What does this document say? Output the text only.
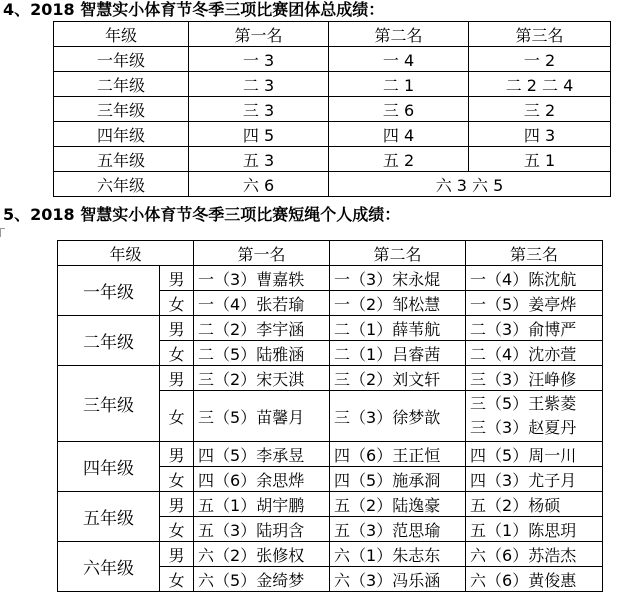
4、2018 智慧实小体育节冬季三项比赛团体总成绩：

年级	第一名	第二名	第三名
一年级	一 3	一 4	一 2
二年级	二 3	二 1	二 2 二 4
三年级	三 3	三 6	三 2
四年级	四 5	四 4	四 3
五年级	五 3	五 2	五 1
六年级	六 6	六 3 六 5	

5、2018 智慧实小体育节冬季三项比赛短绳个人成绩：

年级		第一名	第二名	第三名
一年级	男	一（3）曹嘉轶	一（3）宋永焜	一（4）陈沈航
	女	一（4）张若瑜	一（2）邹松慧	一（5）姜亭烨
二年级	男	二（2）李宇涵	二（1）薛苇航	二（3）俞博严
	女	二（5）陆雅涵	二（1）吕睿茜	二（4）沈亦萱
三年级	男	三（2）宋天淇	三（2）刘文轩	三（3）汪峥修
	女	三（5）苗馨月	三（3）徐梦歆	三（5）王紫菱
三（3）赵夏丹

四年级	男	四（5）李承昱	四（6）王正恒	四（5）周一川
	女	四（6）余思烨	四（5）施承浻	四（3）尤子月
五年级	男	五（1）胡宇鹏	五（2）陆逸豪	五（2）杨硕
	女	五（3）陆玥含	五（3）范思瑜	五（1）陈思玥
六年级	男	六（2）张修权	六（1）朱志东	六（6）苏浩杰
	女	六（5）金绮梦	六（3）冯乐涵	六（6）黄俊惠
